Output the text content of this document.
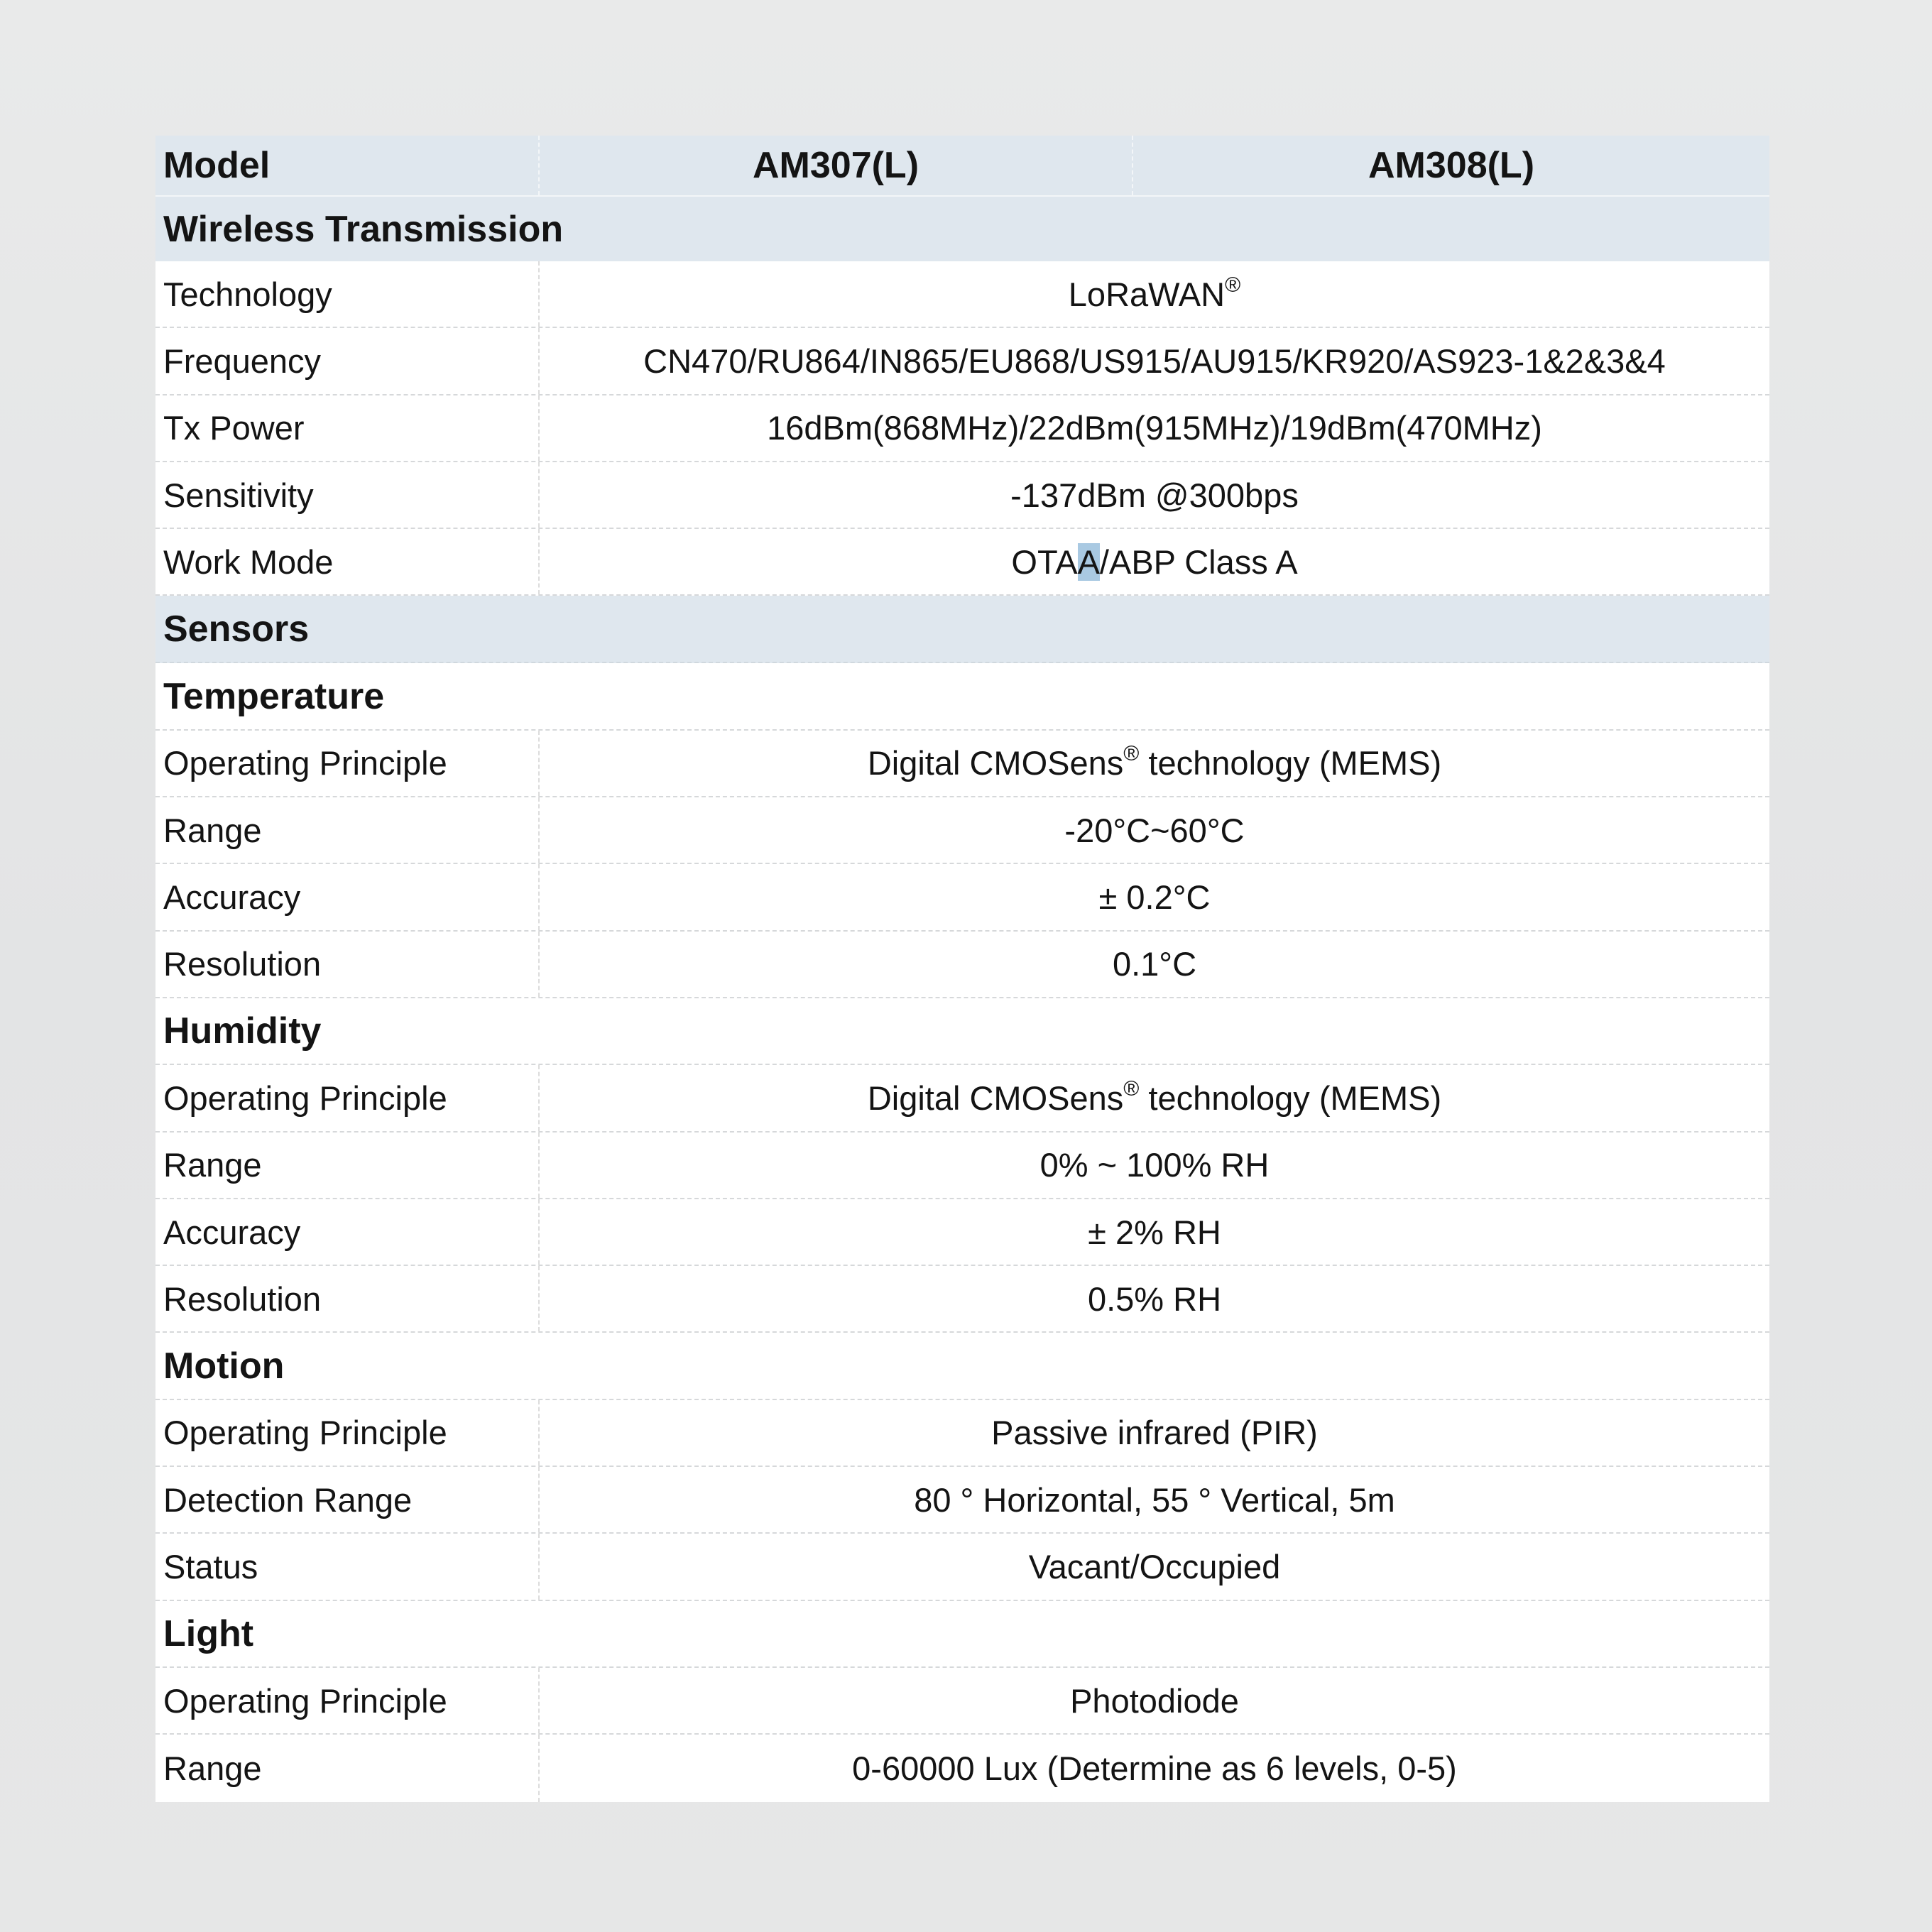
Model	AM307(L)	AM308(L)
Wireless Transmission
Technology	LoRaWAN®
Frequency	CN470/RU864/IN865/EU868/US915/AU915/KR920/AS923-1&2&3&4
Tx Power	16dBm(868MHz)/22dBm(915MHz)/19dBm(470MHz)
Sensitivity	-137dBm @300bps
Work Mode	OTAA/ABP Class A
Sensors
Temperature
Operating Principle	Digital CMOSens® technology (MEMS)
Range	-20°C~60°C
Accuracy	± 0.2°C
Resolution	0.1°C
Humidity
Operating Principle	Digital CMOSens® technology (MEMS)
Range	0% ~ 100% RH
Accuracy	± 2% RH
Resolution	0.5% RH
Motion
Operating Principle	Passive infrared (PIR)
Detection Range	80 ° Horizontal, 55 ° Vertical, 5m
Status	Vacant/Occupied
Light
Operating Principle	Photodiode
Range	0-60000 Lux (Determine as 6 levels, 0-5)
